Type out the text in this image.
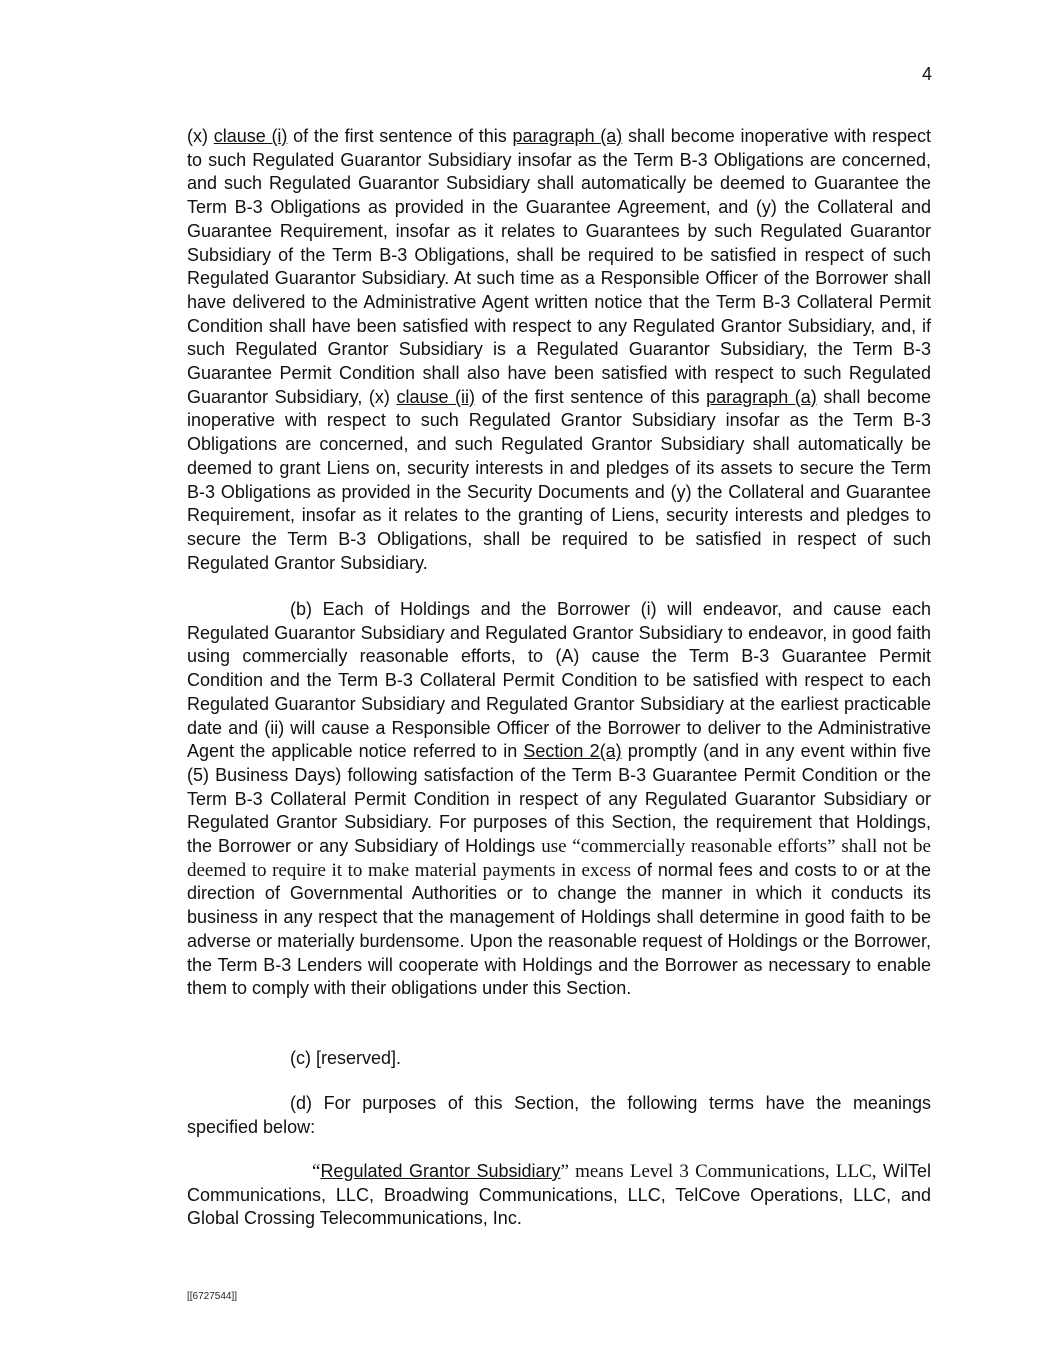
4

(x) clause (i) of the first sentence of this paragraph (a) shall become inoperative with respect to such Regulated Guarantor Subsidiary insofar as the Term B-3 Obligations are concerned, and such Regulated Guarantor Subsidiary shall automatically be deemed to Guarantee the Term B-3 Obligations as provided in the Guarantee Agreement, and (y) the Collateral and Guarantee Requirement, insofar as it relates to Guarantees by such Regulated Guarantor Subsidiary of the Term B-3 Obligations, shall be required to be satisfied in respect of such Regulated Guarantor Subsidiary. At such time as a Responsible Officer of the Borrower shall have delivered to the Administrative Agent written notice that the Term B-3 Collateral Permit Condition shall have been satisfied with respect to any Regulated Grantor Subsidiary, and, if such Regulated Grantor Subsidiary is a Regulated Guarantor Subsidiary, the Term B-3 Guarantee Permit Condition shall also have been satisfied with respect to such Regulated Guarantor Subsidiary, (x) clause (ii) of the first sentence of this paragraph (a) shall become inoperative with respect to such Regulated Grantor Subsidiary insofar as the Term B-3 Obligations are concerned, and such Regulated Grantor Subsidiary shall automatically be deemed to grant Liens on, security interests in and pledges of its assets to secure the Term B-3 Obligations as provided in the Security Documents and (y) the Collateral and Guarantee Requirement, insofar as it relates to the granting of Liens, security interests and pledges to secure the Term B-3 Obligations, shall be required to be satisfied in respect of such Regulated Grantor Subsidiary.

(b) Each of Holdings and the Borrower (i) will endeavor, and cause each Regulated Guarantor Subsidiary and Regulated Grantor Subsidiary to endeavor, in good faith using commercially reasonable efforts, to (A) cause the Term B-3 Guarantee Permit Condition and the Term B-3 Collateral Permit Condition to be satisfied with respect to each Regulated Guarantor Subsidiary and Regulated Grantor Subsidiary at the earliest practicable date and (ii) will cause a Responsible Officer of the Borrower to deliver to the Administrative Agent the applicable notice referred to in Section 2(a) promptly (and in any event within five (5) Business Days) following satisfaction of the Term B-3 Guarantee Permit Condition or the Term B-3 Collateral Permit Condition in respect of any Regulated Guarantor Subsidiary or Regulated Grantor Subsidiary. For purposes of this Section, the requirement that Holdings, the Borrower or any Subsidiary of Holdings use “commercially reasonable efforts” shall not be deemed to require it to make material payments in excess of normal fees and costs to or at the direction of Governmental Authorities or to change the manner in which it conducts its business in any respect that the management of Holdings shall determine in good faith to be adverse or materially burdensome. Upon the reasonable request of Holdings or the Borrower, the Term B-3 Lenders will cooperate with Holdings and the Borrower as necessary to enable them to comply with their obligations under this Section.

(c) [reserved].

(d) For purposes of this Section, the following terms have the meanings specified below:

“Regulated Grantor Subsidiary” means Level 3 Communications, LLC, WilTel Communications, LLC, Broadwing Communications, LLC, TelCove Operations, LLC, and Global Crossing Telecommunications, Inc.

[[6727544]]
